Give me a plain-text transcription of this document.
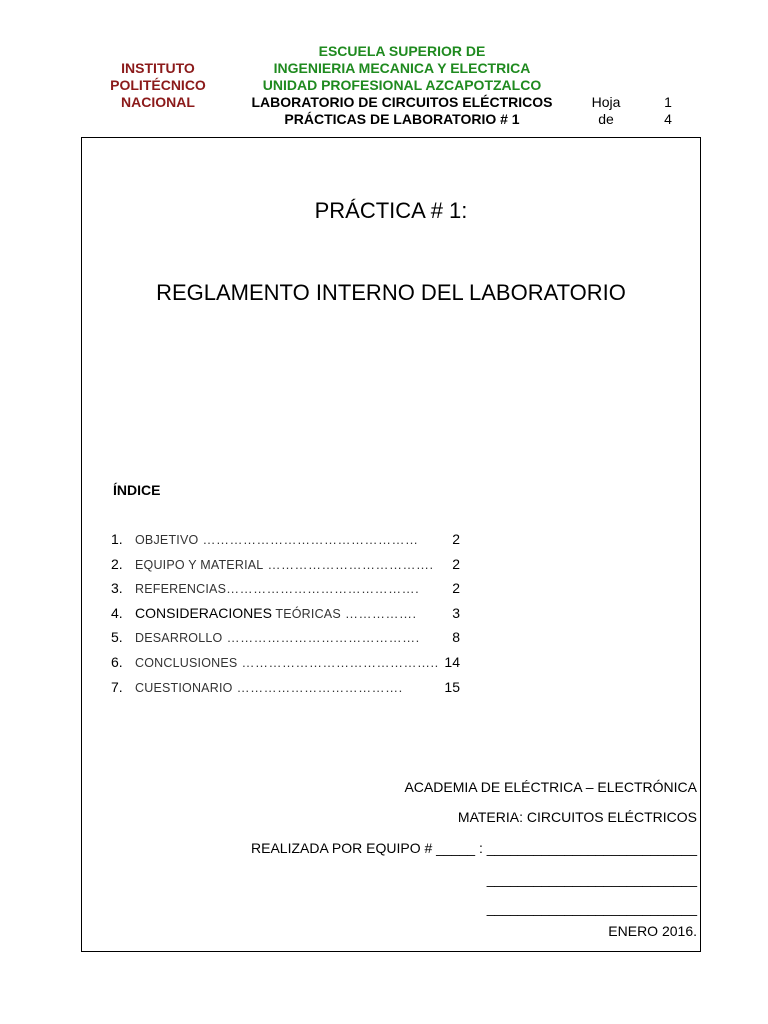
INSTITUTO
POLITÉCNICO
NACIONAL
ESCUELA SUPERIOR DE
INGENIERIA MECANICA Y ELECTRICA
UNIDAD PROFESIONAL AZCAPOTZALCO
LABORATORIO DE CIRCUITOS ELÉCTRICOS
PRÁCTICAS DE LABORATORIO # 1
Hoja	1
de	4
PRÁCTICA # 1:
REGLAMENTO INTERNO DEL LABORATORIO
ÍNDICE
1. OBJETIVO ………………………………………… 2
2. EQUIPO Y MATERIAL ………………………………. 2
3. REFERENCIAS……………………………………. 2
4. CONSIDERACIONES TEÓRICAS …………….	3
5. DESARROLLO ……………………………………. 8
6. CONCLUSIONES …………………………………….. 14
7. CUESTIONARIO ……………………………….	15
ACADEMIA DE ELÉCTRICA – ELECTRÓNICA
MATERIA: CIRCUITOS ELÉCTRICOS
REALIZADA POR EQUIPO # _____ : ___________________________
___________________________
___________________________
ENERO 2016.
